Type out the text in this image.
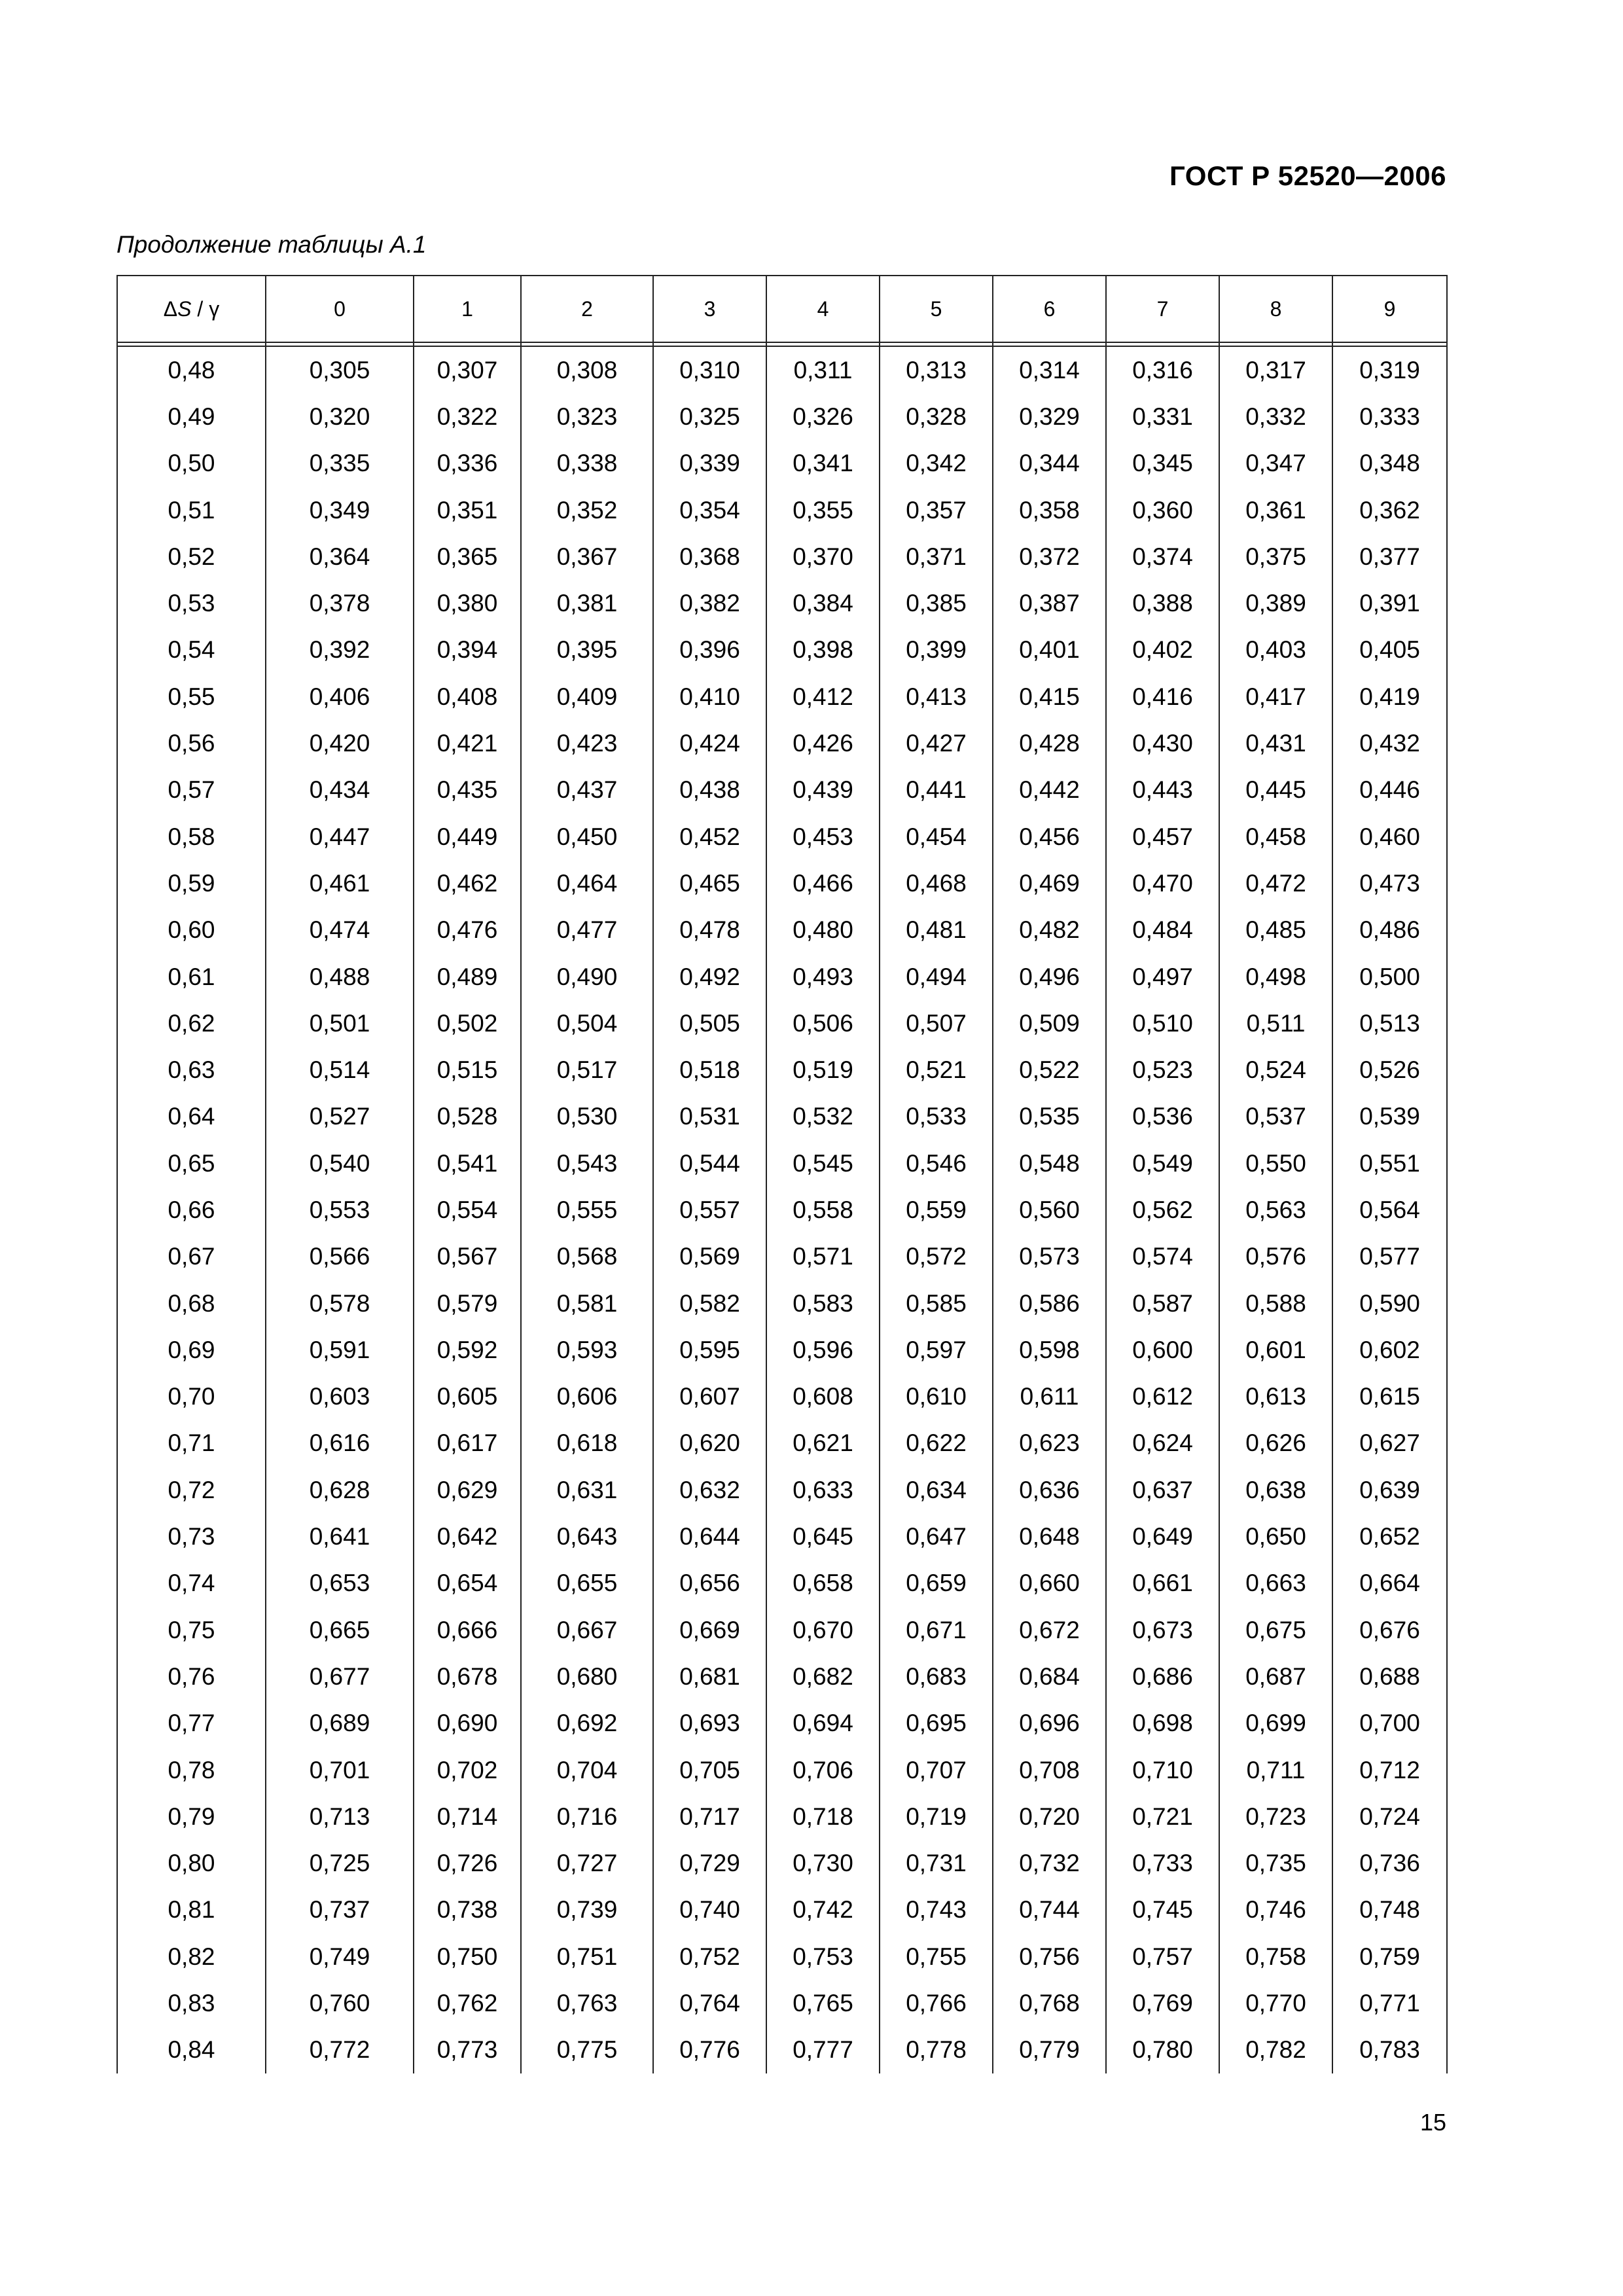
ГОСТ Р 52520—2006
Продолжение таблицы А.1
ΔS / γ	0	1	2	3	4	5	6	7	8	9

0,48	0,305	0,307	0,308	0,310	0,311	0,313	0,314	0,316	0,317	0,319
0,49	0,320	0,322	0,323	0,325	0,326	0,328	0,329	0,331	0,332	0,333
0,50	0,335	0,336	0,338	0,339	0,341	0,342	0,344	0,345	0,347	0,348
0,51	0,349	0,351	0,352	0,354	0,355	0,357	0,358	0,360	0,361	0,362
0,52	0,364	0,365	0,367	0,368	0,370	0,371	0,372	0,374	0,375	0,377
0,53	0,378	0,380	0,381	0,382	0,384	0,385	0,387	0,388	0,389	0,391
0,54	0,392	0,394	0,395	0,396	0,398	0,399	0,401	0,402	0,403	0,405
0,55	0,406	0,408	0,409	0,410	0,412	0,413	0,415	0,416	0,417	0,419
0,56	0,420	0,421	0,423	0,424	0,426	0,427	0,428	0,430	0,431	0,432
0,57	0,434	0,435	0,437	0,438	0,439	0,441	0,442	0,443	0,445	0,446
0,58	0,447	0,449	0,450	0,452	0,453	0,454	0,456	0,457	0,458	0,460
0,59	0,461	0,462	0,464	0,465	0,466	0,468	0,469	0,470	0,472	0,473
0,60	0,474	0,476	0,477	0,478	0,480	0,481	0,482	0,484	0,485	0,486
0,61	0,488	0,489	0,490	0,492	0,493	0,494	0,496	0,497	0,498	0,500
0,62	0,501	0,502	0,504	0,505	0,506	0,507	0,509	0,510	0,511	0,513
0,63	0,514	0,515	0,517	0,518	0,519	0,521	0,522	0,523	0,524	0,526
0,64	0,527	0,528	0,530	0,531	0,532	0,533	0,535	0,536	0,537	0,539
0,65	0,540	0,541	0,543	0,544	0,545	0,546	0,548	0,549	0,550	0,551
0,66	0,553	0,554	0,555	0,557	0,558	0,559	0,560	0,562	0,563	0,564
0,67	0,566	0,567	0,568	0,569	0,571	0,572	0,573	0,574	0,576	0,577
0,68	0,578	0,579	0,581	0,582	0,583	0,585	0,586	0,587	0,588	0,590
0,69	0,591	0,592	0,593	0,595	0,596	0,597	0,598	0,600	0,601	0,602
0,70	0,603	0,605	0,606	0,607	0,608	0,610	0,611	0,612	0,613	0,615
0,71	0,616	0,617	0,618	0,620	0,621	0,622	0,623	0,624	0,626	0,627
0,72	0,628	0,629	0,631	0,632	0,633	0,634	0,636	0,637	0,638	0,639
0,73	0,641	0,642	0,643	0,644	0,645	0,647	0,648	0,649	0,650	0,652
0,74	0,653	0,654	0,655	0,656	0,658	0,659	0,660	0,661	0,663	0,664
0,75	0,665	0,666	0,667	0,669	0,670	0,671	0,672	0,673	0,675	0,676
0,76	0,677	0,678	0,680	0,681	0,682	0,683	0,684	0,686	0,687	0,688
0,77	0,689	0,690	0,692	0,693	0,694	0,695	0,696	0,698	0,699	0,700
0,78	0,701	0,702	0,704	0,705	0,706	0,707	0,708	0,710	0,711	0,712
0,79	0,713	0,714	0,716	0,717	0,718	0,719	0,720	0,721	0,723	0,724
0,80	0,725	0,726	0,727	0,729	0,730	0,731	0,732	0,733	0,735	0,736
0,81	0,737	0,738	0,739	0,740	0,742	0,743	0,744	0,745	0,746	0,748
0,82	0,749	0,750	0,751	0,752	0,753	0,755	0,756	0,757	0,758	0,759
0,83	0,760	0,762	0,763	0,764	0,765	0,766	0,768	0,769	0,770	0,771
0,84	0,772	0,773	0,775	0,776	0,777	0,778	0,779	0,780	0,782	0,783
15
